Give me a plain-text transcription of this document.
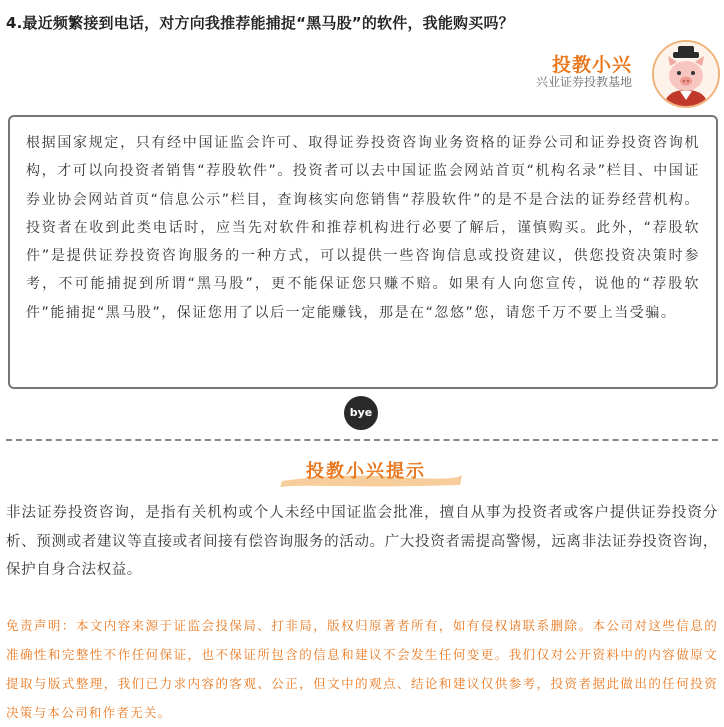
4.最近频繁接到电话，对方向我推荐能捕捉“黑马股”的软件，我能购买吗？
投教小兴
兴业证券投教基地

根据国家规定，只有经中国证监会许可、取得证券投资咨询业务资格的证券公司和证券投资咨询机构，才可以向投资者销售“荐股软件”。投资者可以去中国证监会网站首页“机构名录”栏目、中国证券业协会网站首页“信息公示”栏目，查询核实向您销售“荐股软件”的是不是合法的证券经营机构。投资者在收到此类电话时，应当先对软件和推荐机构进行必要了解后，谨慎购买。此外，“荐股软件”是提供证券投资咨询服务的一种方式，可以提供一些咨询信息或投资建议，供您投资决策时参考，不可能捕捉到所谓“黑马股”，更不能保证您只赚不赔。如果有人向您宣传，说他的“荐股软件”能捕捉“黑马股”，保证您用了以后一定能赚钱，那是在“忽悠”您，请您千万不要上当受骗。

bye
投教小兴提示

非法证券投资咨询，是指有关机构或个人未经中国证监会批准，擅自从事为投资者或客户提供证券投资分析、预测或者建议等直接或者间接有偿咨询服务的活动。广大投资者需提高警惕，远离非法证券投资咨询，保护自身合法权益。

免责声明：本文内容来源于证监会投保局、打非局，版权归原著者所有，如有侵权请联系删除。本公司对这些信息的准确性和完整性不作任何保证，也不保证所包含的信息和建议不会发生任何变更。我们仅对公开资料中的内容做原文提取与版式整理，我们已力求内容的客观、公正，但文中的观点、结论和建议仅供参考，投资者据此做出的任何投资决策与本公司和作者无关。
